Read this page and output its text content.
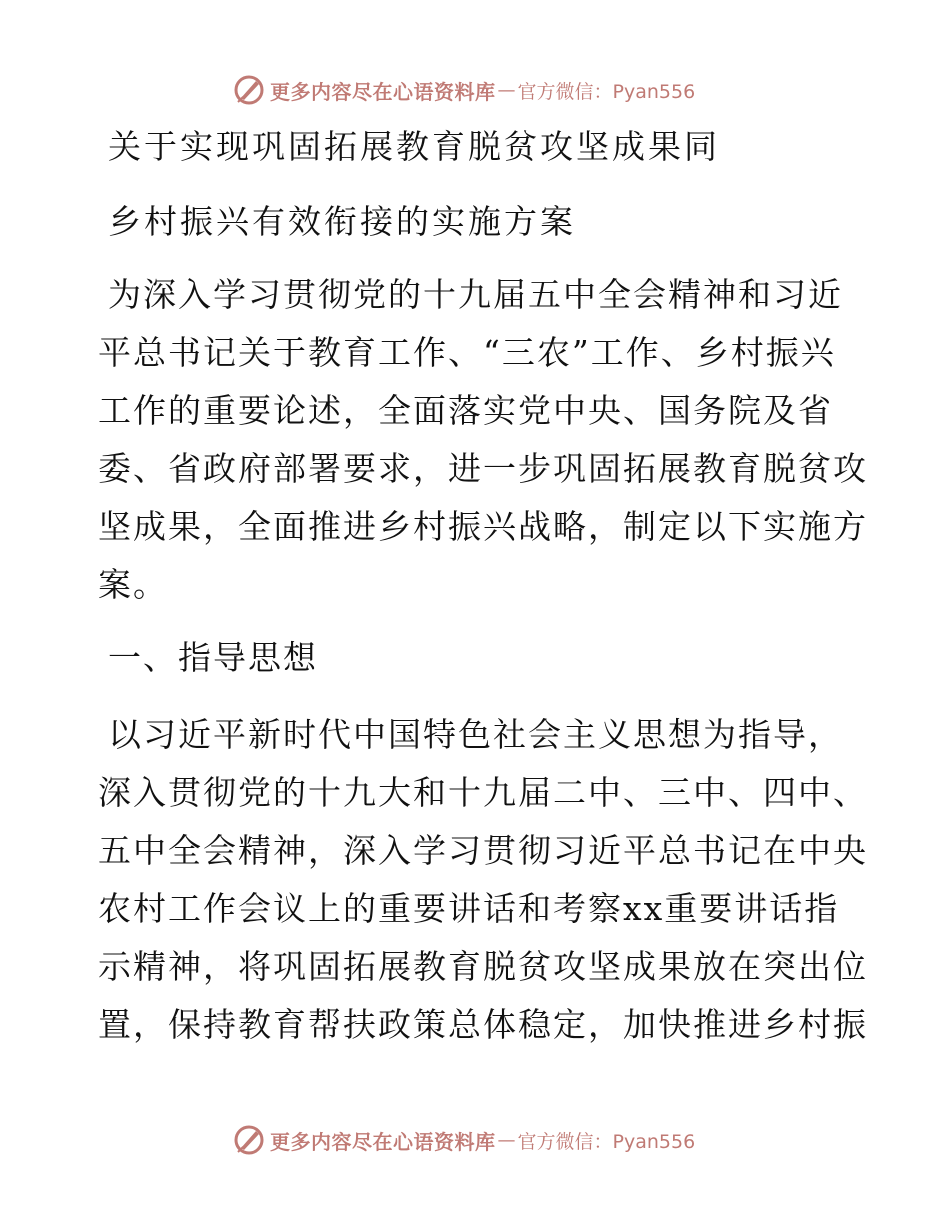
更多内容尽在心语资料库 — 官方微信：Pyan556

关于实现巩固拓展教育脱贫攻坚成果同

乡村振兴有效衔接的实施方案

为深入学习贯彻党的十九届五中全会精神和习近

平总书记关于教育工作、“三农”工作、乡村振兴

工作的重要论述，全面落实党中央、国务院及省

委、省政府部署要求，进一步巩固拓展教育脱贫攻

坚成果，全面推进乡村振兴战略，制定以下实施方

案。

一、指导思想

以习近平新时代中国特色社会主义思想为指导，

深入贯彻党的十九大和十九届二中、三中、四中、

五中全会精神，深入学习贯彻习近平总书记在中央

农村工作会议上的重要讲话和考察xx重要讲话指

示精神，将巩固拓展教育脱贫攻坚成果放在突出位

置，保持教育帮扶政策总体稳定，加快推进乡村振

更多内容尽在心语资料库 — 官方微信：Pyan556
